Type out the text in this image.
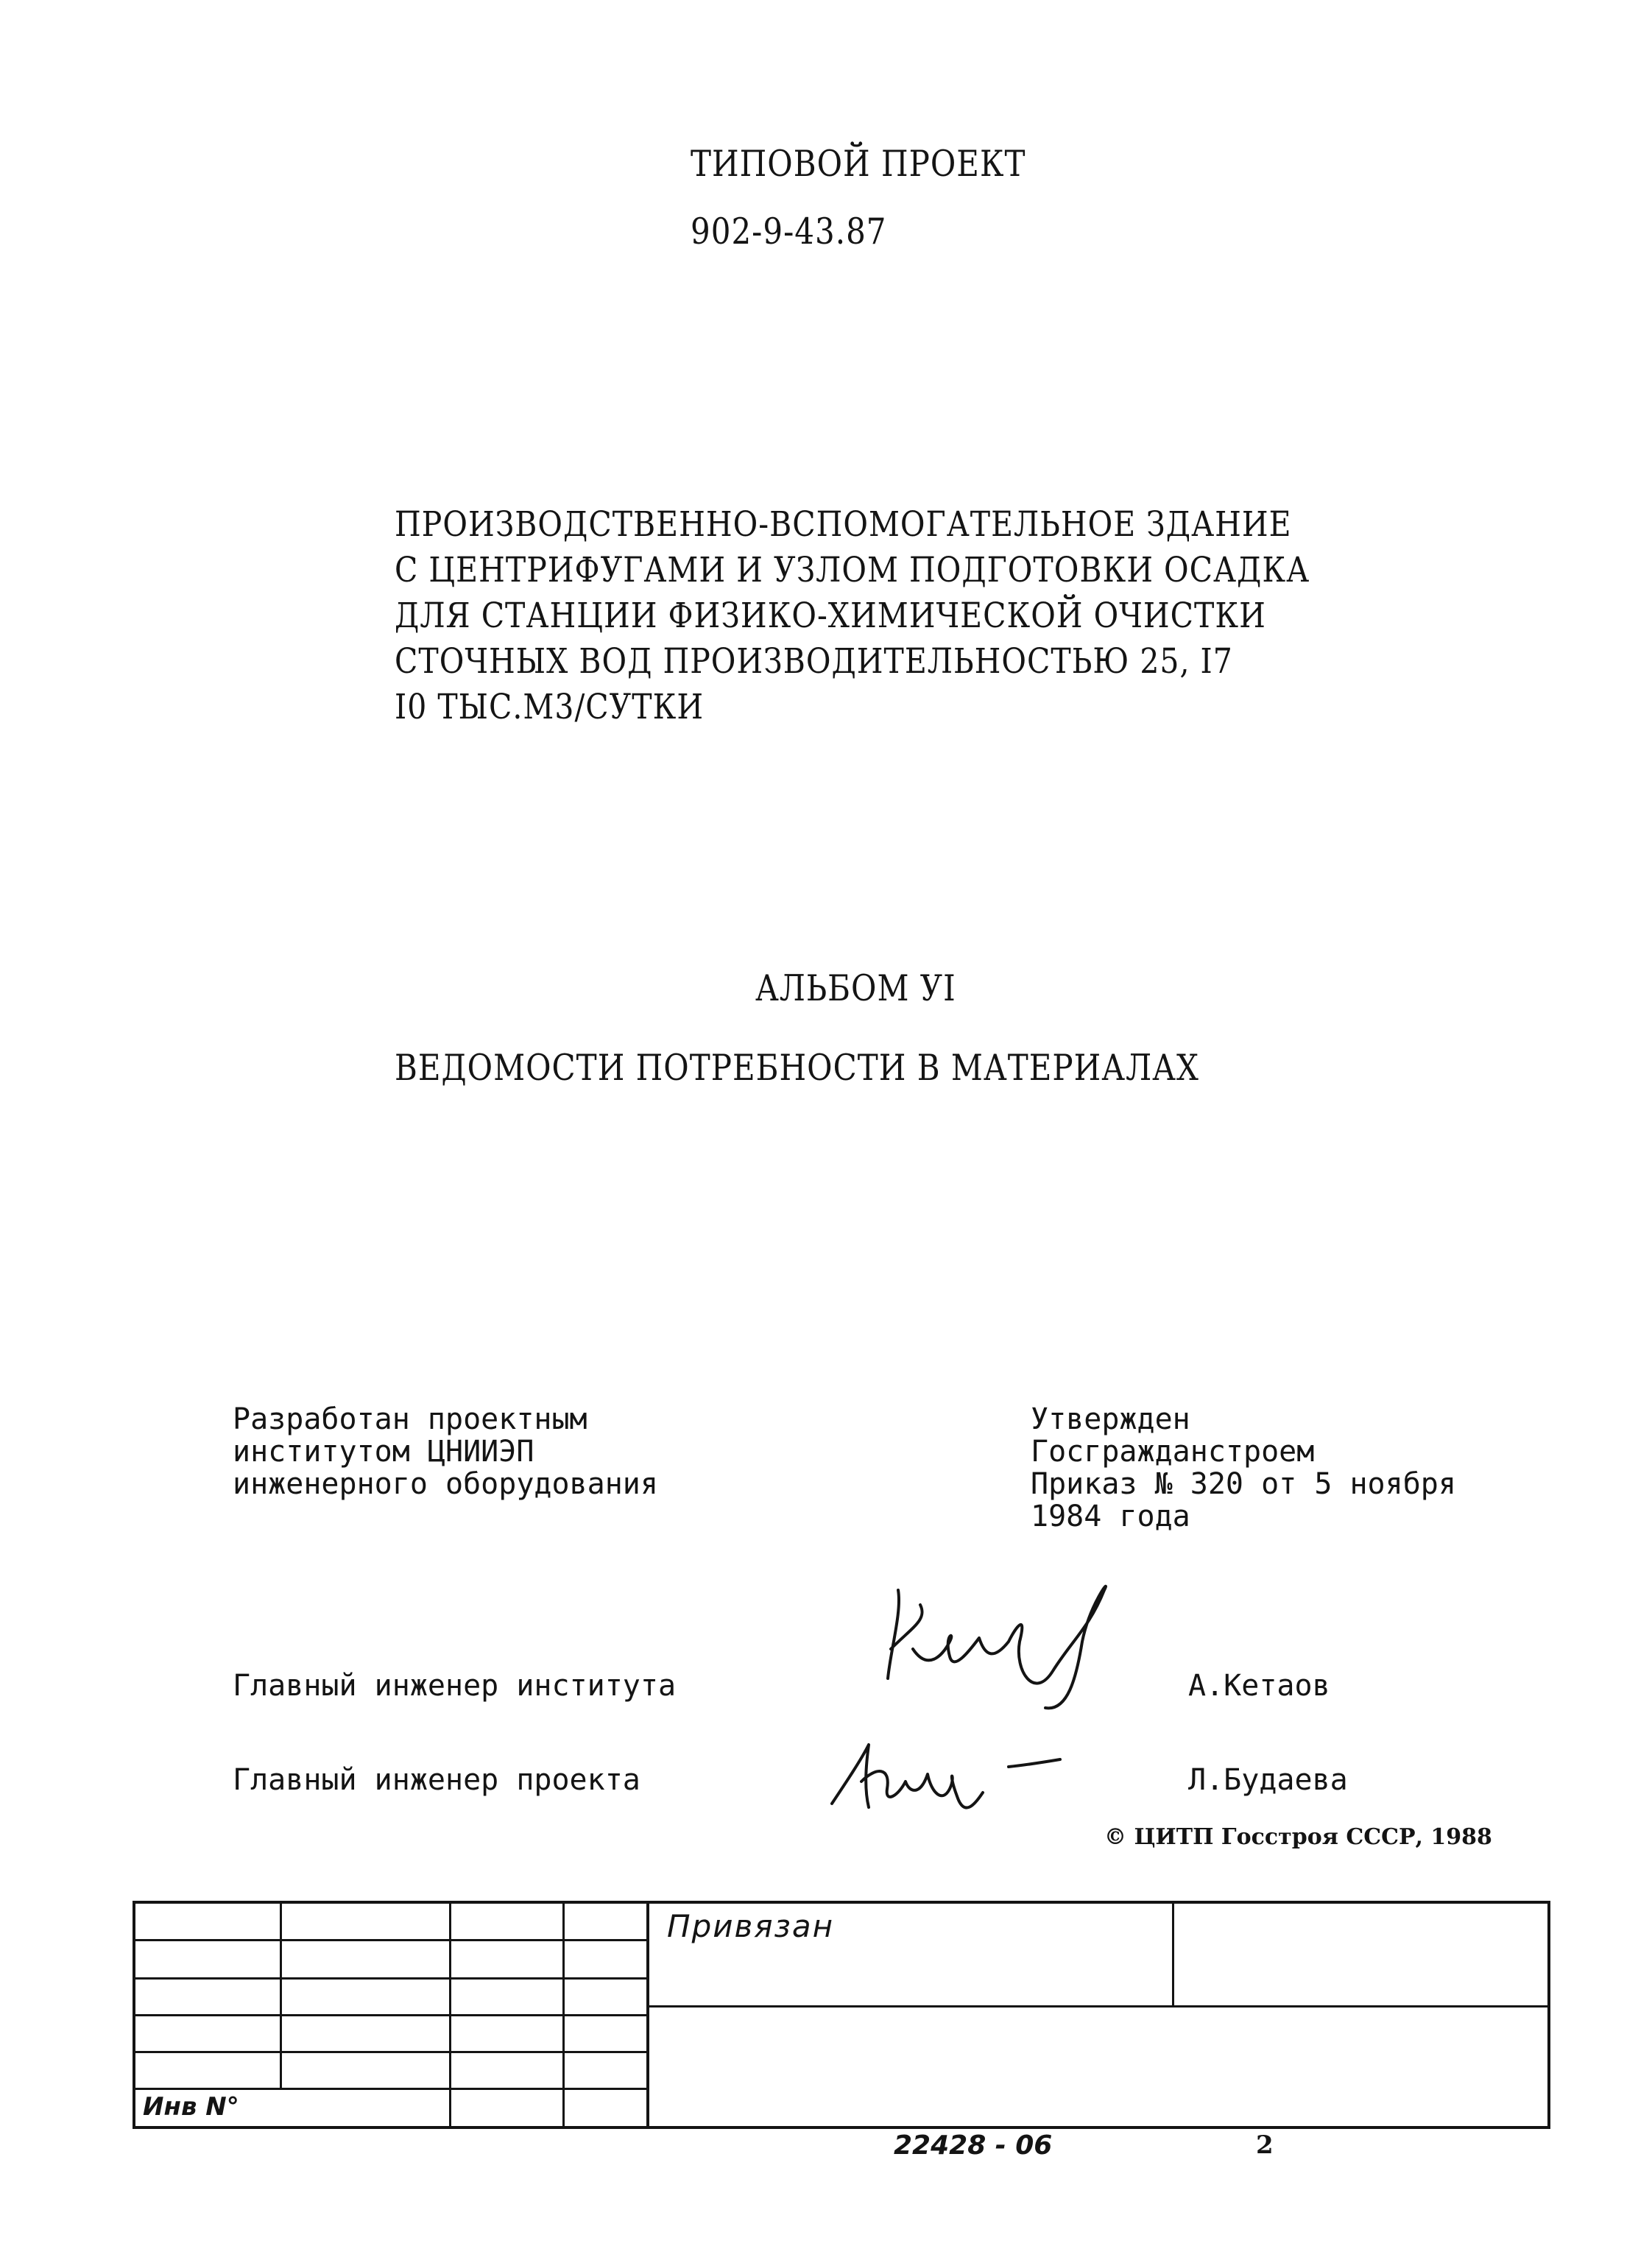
ТИПОВОЙ ПРОЕКТ
902-9-43.87
ПРОИЗВОДСТВЕННО-ВСПОМОГАТЕЛЬНОЕ ЗДАНИЕ
С ЦЕНТРИФУГАМИ И УЗЛОМ ПОДГОТОВКИ ОСАДКА
ДЛЯ СТАНЦИИ ФИЗИКО-ХИМИЧЕСКОЙ ОЧИСТКИ
СТОЧНЫХ ВОД ПРОИЗВОДИТЕЛЬНОСТЬЮ 25, I7
I0 ТЫС.М3/СУТКИ
АЛЬБОМ УI
ВЕДОМОСТИ ПОТРЕБНОСТИ В МАТЕРИАЛАХ
Разработан проектным
институтом ЦНИИЭП
инженерного оборудования
Утвержден
Госгражданстроем
Приказ № 320 от 5 ноября
1984 года
Главный инженер института	А.Кетаов
Главный инженер проекта	Л.Будаева
© ЦИТП Госстроя СССР, 1988
Привязан
Инв N°
22428 - 06	2
